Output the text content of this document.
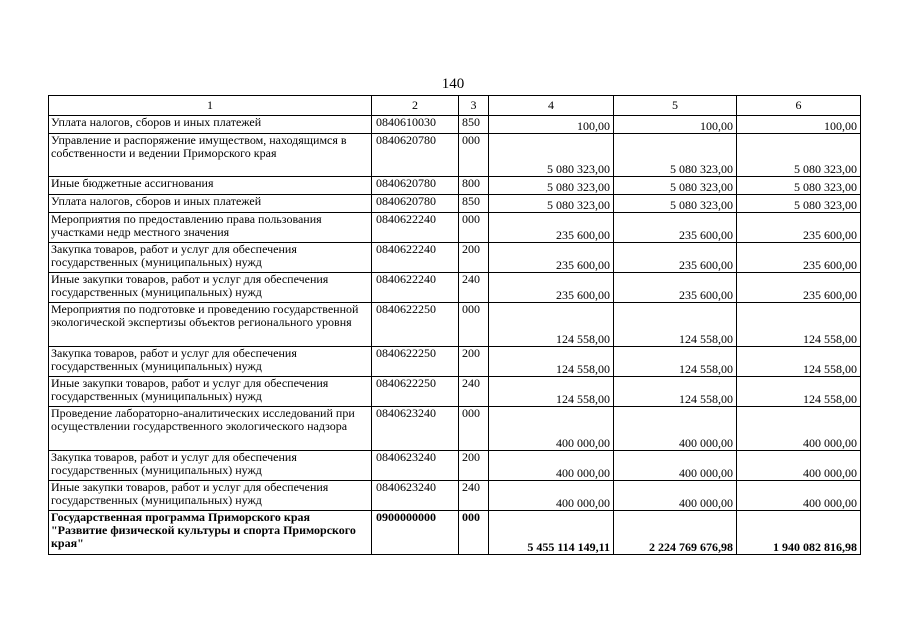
140
1	2	3	4	5	6
Уплата налогов, сборов и иных платежей	0840610030	850	100,00	100,00	100,00
Управление и распоряжение имуществом, находящимся в собственности и ведении Приморского края	0840620780	000	5 080 323,00	5 080 323,00	5 080 323,00
Иные бюджетные ассигнования	0840620780	800	5 080 323,00	5 080 323,00	5 080 323,00
Уплата налогов, сборов и иных платежей	0840620780	850	5 080 323,00	5 080 323,00	5 080 323,00
Мероприятия по предоставлению права пользования участками недр местного значения	0840622240	000	235 600,00	235 600,00	235 600,00
Закупка товаров, работ и услуг для обеспечения государственных (муниципальных) нужд	0840622240	200	235 600,00	235 600,00	235 600,00
Иные закупки товаров, работ и услуг для обеспечения государственных (муниципальных) нужд	0840622240	240	235 600,00	235 600,00	235 600,00
Мероприятия по подготовке и проведению государственной экологической экспертизы объектов регионального уровня	0840622250	000	124 558,00	124 558,00	124 558,00
Закупка товаров, работ и услуг для обеспечения государственных (муниципальных) нужд	0840622250	200	124 558,00	124 558,00	124 558,00
Иные закупки товаров, работ и услуг для обеспечения государственных (муниципальных) нужд	0840622250	240	124 558,00	124 558,00	124 558,00
Проведение лабораторно-аналитических исследований при осуществлении государственного экологического надзора	0840623240	000	400 000,00	400 000,00	400 000,00
Закупка товаров, работ и услуг для обеспечения государственных (муниципальных) нужд	0840623240	200	400 000,00	400 000,00	400 000,00
Иные закупки товаров, работ и услуг для обеспечения государственных (муниципальных) нужд	0840623240	240	400 000,00	400 000,00	400 000,00
Государственная программа Приморского края "Развитие физической культуры и спорта Приморского края"	0900000000	000	5 455 114 149,11	2 224 769 676,98	1 940 082 816,98
